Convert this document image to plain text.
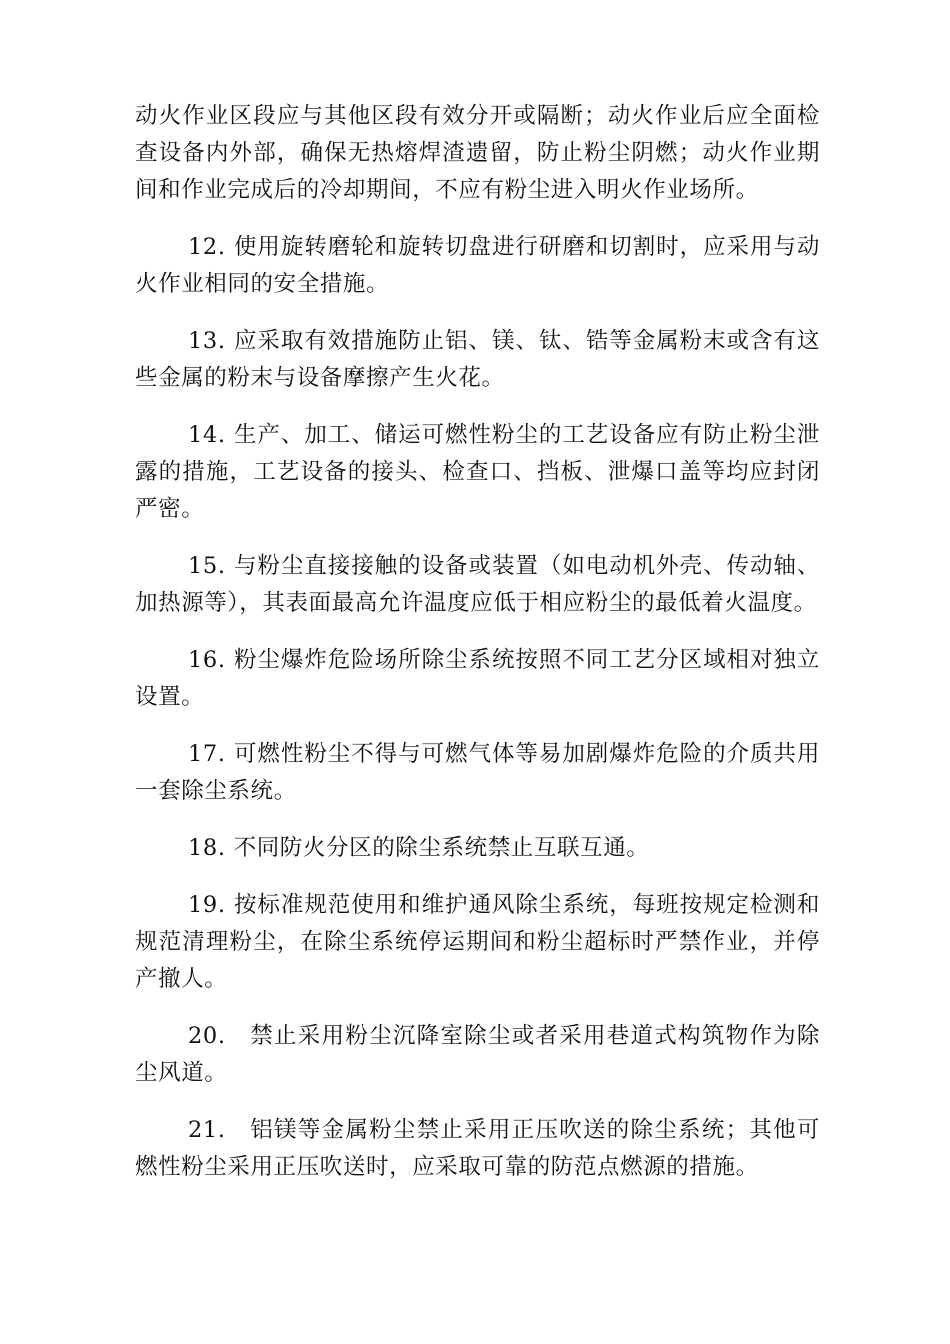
动火作业区段应与其他区段有效分开或隔断；动火作业后应全面检查设备内外部，确保无热熔焊渣遗留，防止粉尘阴燃；动火作业期间和作业完成后的冷却期间，不应有粉尘进入明火作业场所。

12. 使用旋转磨轮和旋转切盘进行研磨和切割时，应采用与动火作业相同的安全措施。

13. 应采取有效措施防止铝、镁、钛、锆等金属粉末或含有这些金属的粉末与设备摩擦产生火花。

14. 生产、加工、储运可燃性粉尘的工艺设备应有防止粉尘泄露的措施，工艺设备的接头、检查口、挡板、泄爆口盖等均应封闭严密。

15. 与粉尘直接接触的设备或装置（如电动机外壳、传动轴、加热源等），其表面最高允许温度应低于相应粉尘的最低着火温度。

16. 粉尘爆炸危险场所除尘系统按照不同工艺分区域相对独立设置。

17. 可燃性粉尘不得与可燃气体等易加剧爆炸危险的介质共用一套除尘系统。

18. 不同防火分区的除尘系统禁止互联互通。

19. 按标准规范使用和维护通风除尘系统，每班按规定检测和规范清理粉尘，在除尘系统停运期间和粉尘超标时严禁作业，并停产撤人。

20. 禁止采用粉尘沉降室除尘或者采用巷道式构筑物作为除尘风道。

21. 铝镁等金属粉尘禁止采用正压吹送的除尘系统；其他可燃性粉尘采用正压吹送时，应采取可靠的防范点燃源的措施。
